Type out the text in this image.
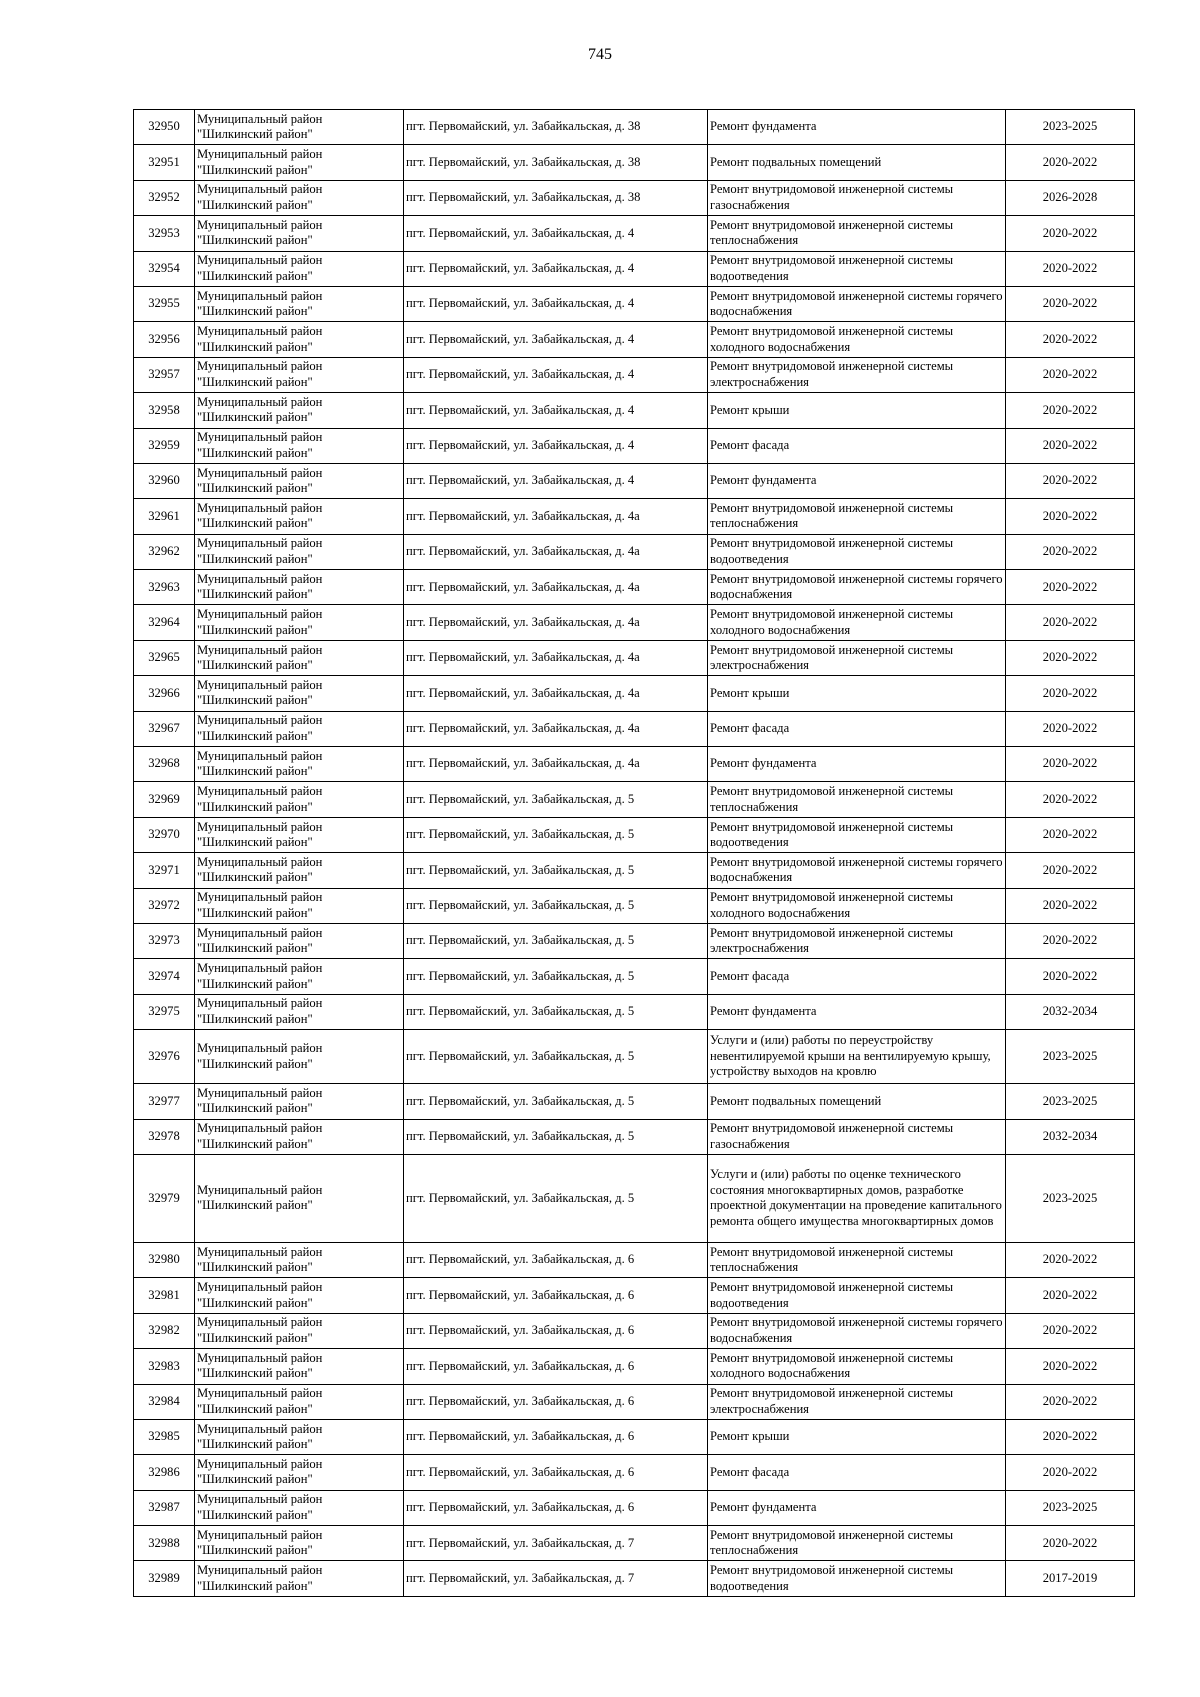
745
32950	Муниципальный район "Шилкинский район"	пгт. Первомайский, ул. Забайкальская, д. 38	Ремонт фундамента	2023-2025
32951	Муниципальный район "Шилкинский район"	пгт. Первомайский, ул. Забайкальская, д. 38	Ремонт подвальных помещений	2020-2022
32952	Муниципальный район "Шилкинский район"	пгт. Первомайский, ул. Забайкальская, д. 38	Ремонт внутридомовой инженерной системы газоснабжения	2026-2028
32953	Муниципальный район "Шилкинский район"	пгт. Первомайский, ул. Забайкальская, д. 4	Ремонт внутридомовой инженерной системы теплоснабжения	2020-2022
32954	Муниципальный район "Шилкинский район"	пгт. Первомайский, ул. Забайкальская, д. 4	Ремонт внутридомовой инженерной системы водоотведения	2020-2022
32955	Муниципальный район "Шилкинский район"	пгт. Первомайский, ул. Забайкальская, д. 4	Ремонт внутридомовой инженерной системы горячего водоснабжения	2020-2022
32956	Муниципальный район "Шилкинский район"	пгт. Первомайский, ул. Забайкальская, д. 4	Ремонт внутридомовой инженерной системы холодного водоснабжения	2020-2022
32957	Муниципальный район "Шилкинский район"	пгт. Первомайский, ул. Забайкальская, д. 4	Ремонт внутридомовой инженерной системы электроснабжения	2020-2022
32958	Муниципальный район "Шилкинский район"	пгт. Первомайский, ул. Забайкальская, д. 4	Ремонт крыши	2020-2022
32959	Муниципальный район "Шилкинский район"	пгт. Первомайский, ул. Забайкальская, д. 4	Ремонт фасада	2020-2022
32960	Муниципальный район "Шилкинский район"	пгт. Первомайский, ул. Забайкальская, д. 4	Ремонт фундамента	2020-2022
32961	Муниципальный район "Шилкинский район"	пгт. Первомайский, ул. Забайкальская, д. 4а	Ремонт внутридомовой инженерной системы теплоснабжения	2020-2022
32962	Муниципальный район "Шилкинский район"	пгт. Первомайский, ул. Забайкальская, д. 4а	Ремонт внутридомовой инженерной системы водоотведения	2020-2022
32963	Муниципальный район "Шилкинский район"	пгт. Первомайский, ул. Забайкальская, д. 4а	Ремонт внутридомовой инженерной системы горячего водоснабжения	2020-2022
32964	Муниципальный район "Шилкинский район"	пгт. Первомайский, ул. Забайкальская, д. 4а	Ремонт внутридомовой инженерной системы холодного водоснабжения	2020-2022
32965	Муниципальный район "Шилкинский район"	пгт. Первомайский, ул. Забайкальская, д. 4а	Ремонт внутридомовой инженерной системы электроснабжения	2020-2022
32966	Муниципальный район "Шилкинский район"	пгт. Первомайский, ул. Забайкальская, д. 4а	Ремонт крыши	2020-2022
32967	Муниципальный район "Шилкинский район"	пгт. Первомайский, ул. Забайкальская, д. 4а	Ремонт фасада	2020-2022
32968	Муниципальный район "Шилкинский район"	пгт. Первомайский, ул. Забайкальская, д. 4а	Ремонт фундамента	2020-2022
32969	Муниципальный район "Шилкинский район"	пгт. Первомайский, ул. Забайкальская, д. 5	Ремонт внутридомовой инженерной системы теплоснабжения	2020-2022
32970	Муниципальный район "Шилкинский район"	пгт. Первомайский, ул. Забайкальская, д. 5	Ремонт внутридомовой инженерной системы водоотведения	2020-2022
32971	Муниципальный район "Шилкинский район"	пгт. Первомайский, ул. Забайкальская, д. 5	Ремонт внутридомовой инженерной системы горячего водоснабжения	2020-2022
32972	Муниципальный район "Шилкинский район"	пгт. Первомайский, ул. Забайкальская, д. 5	Ремонт внутридомовой инженерной системы холодного водоснабжения	2020-2022
32973	Муниципальный район "Шилкинский район"	пгт. Первомайский, ул. Забайкальская, д. 5	Ремонт внутридомовой инженерной системы электроснабжения	2020-2022
32974	Муниципальный район "Шилкинский район"	пгт. Первомайский, ул. Забайкальская, д. 5	Ремонт фасада	2020-2022
32975	Муниципальный район "Шилкинский район"	пгт. Первомайский, ул. Забайкальская, д. 5	Ремонт фундамента	2032-2034
32976	Муниципальный район "Шилкинский район"	пгт. Первомайский, ул. Забайкальская, д. 5	Услуги и (или) работы по переустройству невентилируемой крыши на вентилируемую крышу, устройству выходов на кровлю	2023-2025
32977	Муниципальный район "Шилкинский район"	пгт. Первомайский, ул. Забайкальская, д. 5	Ремонт подвальных помещений	2023-2025
32978	Муниципальный район "Шилкинский район"	пгт. Первомайский, ул. Забайкальская, д. 5	Ремонт внутридомовой инженерной системы газоснабжения	2032-2034
32979	Муниципальный район "Шилкинский район"	пгт. Первомайский, ул. Забайкальская, д. 5	Услуги и (или) работы по оценке технического состояния многоквартирных домов, разработке проектной документации на проведение капитального ремонта общего имущества многоквартирных домов	2023-2025
32980	Муниципальный район "Шилкинский район"	пгт. Первомайский, ул. Забайкальская, д. 6	Ремонт внутридомовой инженерной системы теплоснабжения	2020-2022
32981	Муниципальный район "Шилкинский район"	пгт. Первомайский, ул. Забайкальская, д. 6	Ремонт внутридомовой инженерной системы водоотведения	2020-2022
32982	Муниципальный район "Шилкинский район"	пгт. Первомайский, ул. Забайкальская, д. 6	Ремонт внутридомовой инженерной системы горячего водоснабжения	2020-2022
32983	Муниципальный район "Шилкинский район"	пгт. Первомайский, ул. Забайкальская, д. 6	Ремонт внутридомовой инженерной системы холодного водоснабжения	2020-2022
32984	Муниципальный район "Шилкинский район"	пгт. Первомайский, ул. Забайкальская, д. 6	Ремонт внутридомовой инженерной системы электроснабжения	2020-2022
32985	Муниципальный район "Шилкинский район"	пгт. Первомайский, ул. Забайкальская, д. 6	Ремонт крыши	2020-2022
32986	Муниципальный район "Шилкинский район"	пгт. Первомайский, ул. Забайкальская, д. 6	Ремонт фасада	2020-2022
32987	Муниципальный район "Шилкинский район"	пгт. Первомайский, ул. Забайкальская, д. 6	Ремонт фундамента	2023-2025
32988	Муниципальный район "Шилкинский район"	пгт. Первомайский, ул. Забайкальская, д. 7	Ремонт внутридомовой инженерной системы теплоснабжения	2020-2022
32989	Муниципальный район "Шилкинский район"	пгт. Первомайский, ул. Забайкальская, д. 7	Ремонт внутридомовой инженерной системы водоотведения	2017-2019
